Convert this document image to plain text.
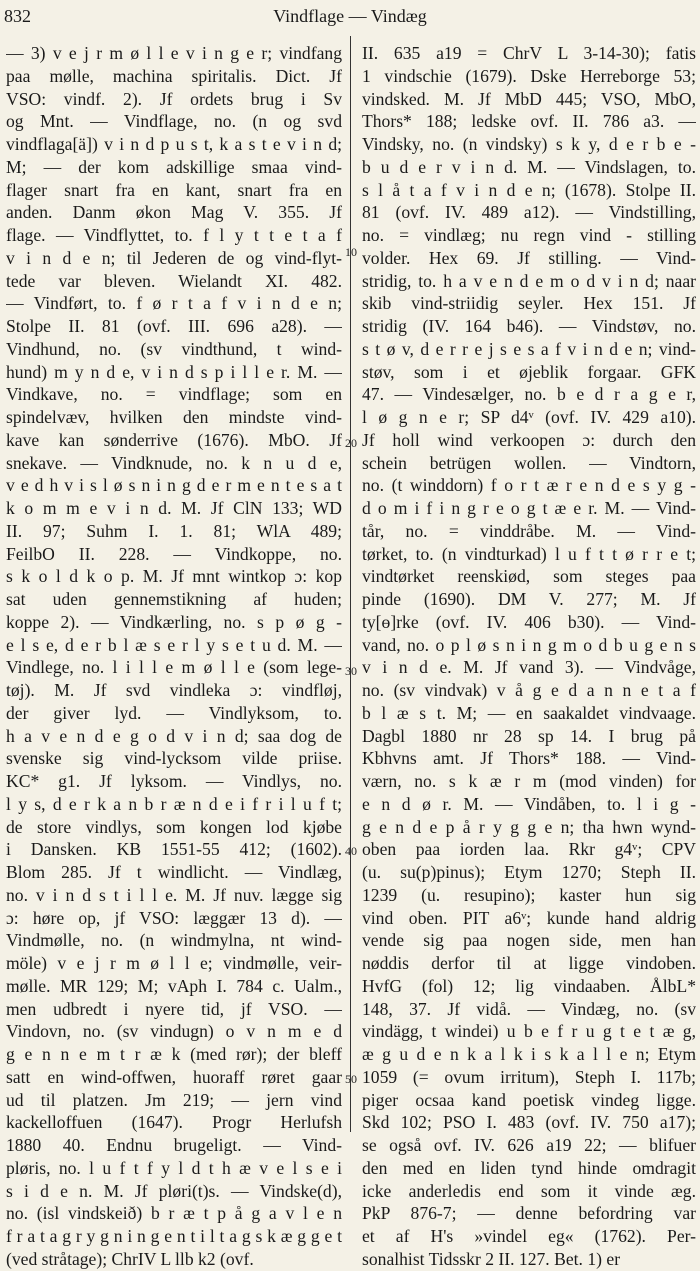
832	Vindflage — Vindæg
— 3) v e j r m ø l l e v i n g e r; vindfang
paa mølle, machina spiritalis. Dict. Jf
VSO: vindf. 2). Jf ordets brug i Sv
og Mnt. — Vindflage, no. (n og svd
vindflaga[ä]) v i n d p u s t, k a s t e v i n d;
M; — der kom adskillige smaa vind-
flager snart fra en kant, snart fra en
anden. Danm økon Mag V. 355. Jf
flage. — Vindflyttet, to. f l y t t e t a f
v i n d e n; til Jederen de og vind-flyt-
tede var bleven. Wielandt XI. 482.
— Vindført, to. f ø r t a f v i n d e n;
Stolpe II. 81 (ovf. III. 696 a28). —
Vindhund, no. (sv vindthund, t wind-
hund) m y n d e, v i n d s p i l l e r. M. —
Vindkave, no. = vindflage; som en
spindelvæv, hvilken den mindste vind-
kave kan sønderrive (1676). MbO. Jf
snekave. — Vindknude, no. k n u d e,
v e d h v i s l ø s n i n g d e r m e n t e s a t
k o m m e v i n d. M. Jf ClN 133; WD
II. 97; Suhm I. 1. 81; WlA 489;
FeilbO II. 228. — Vindkoppe, no.
s k o l d k o p. M. Jf mnt wintkop ɔ: kop
sat uden gennemstikning af huden;
koppe 2). — Vindkærling, no. s p ø g -
e l s e, d e r b l æ s e r l y s e t u d. M. —
Vindlege, no. l i l l e m ø l l e (som lege-
tøj). M. Jf svd vindleka ɔ: vindfløj,
der giver lyd. — Vindlyksom, to.
h a v e n d e g o d v i n d; saa dog de
svenske sig vind-lycksom vilde priise.
KC* g1. Jf lyksom. — Vindlys, no.
l y s, d e r k a n b r æ n d e i f r i l u f t;
de store vindlys, som kongen lod kjøbe
i Dansken. KB 1551-55 412; (1602).
Blom 285. Jf t windlicht. — Vindlæg,
no. v i n d s t i l l e. M. Jf nuv. lægge sig
ɔ: høre op, jf VSO: læggær 13 d). —
Vindmølle, no. (n windmylna, nt wind-
möle) v e j r m ø l l e; vindmølle, veir-
mølle. MR 129; M; vAph I. 784 c. Ualm.,
men udbredt i nyere tid, jf VSO. —
Vindovn, no. (sv vindugn) o v n m e d
g e n n e m t r æ k (med rør); der bleff
satt en wind-offwen, huoraff røret gaar
ud til platzen. Jm 219; — jern vind
kackelloffuen (1647). Progr Herlufsh
1880 40. Endnu brugeligt. — Vind-
pløris, no. l u f t f y l d t h æ v e l s e i
s i d e n. M. Jf pløri(t)s. — Vindske(d),
no. (isl vindskeið) b r æ t p å g a v l e n
f r a t a g r y g n i n g e n t i l t a g s k æ g g e t
(ved stråtage); ChrIV L llb k2 (ovf.
II. 635 a19 = ChrV L 3-14-30); fatis
1 vindschie (1679). Dske Herreborge 53;
vindsked. M. Jf MbD 445; VSO, MbO,
Thors* 188; ledske ovf. II. 786 a3. —
Vindsky, no. (n vindsky) s k y, d e r b e -
b u d e r v i n d. M. — Vindslagen, to.
s l å t a f v i n d e n; (1678). Stolpe II.
81 (ovf. IV. 489 a12). — Vindstilling,
no. = vindlæg; nu regn vind - stilling
volder. Hex 69. Jf stilling. — Vind-
stridig, to. h a v e n d e m o d v i n d; naar
skib vind-striidig seyler. Hex 151. Jf
stridig (IV. 164 b46). — Vindstøv, no.
s t ø v, d e r r e j s e s a f v i n d e n; vind-
støv, som i et øjeblik forgaar. GFK
47. — Vindesælger, no. b e d r a g e r,
l ø g n e r; SP d4ᵛ (ovf. IV. 429 a10).
Jf holl wind verkoopen ɔ: durch den
schein betrügen wollen. — Vindtorn,
no. (t winddorn) f o r t æ r e n d e s y g -
d o m i f i n g r e o g t æ e r. M. — Vind-
tår, no. = vinddråbe. M. — Vind-
tørket, to. (n vindturkad) l u f t t ø r r e t;
vindtørket reenskiød, som steges paa
pinde (1690). DM V. 277; M. Jf
ty[ɵ]rke (ovf. IV. 406 b30). — Vind-
vand, no. o p l ø s n i n g m o d b u g e n s
v i n d e. M. Jf vand 3). — Vindvåge,
no. (sv vindvak) v å g e d a n n e t a f
b l æ s t. M; — en saakaldet vindvaage.
Dagbl 1880 nr 28 sp 14. I brug på
Kbhvns amt. Jf Thors* 188. — Vind-
værn, no. s k æ r m (mod vinden) for
e n d ø r. M. — Vindåben, to. l i g -
g e n d e p å r y g g e n; tha hwn wynd-
oben paa iorden laa. Rkr g4ᵛ; CPV
(u. su(p)pinus); Etym 1270; Steph II.
1239 (u. resupino); kaster hun sig
vind oben. PIT a6ᵛ; kunde hand aldrig
vende sig paa nogen side, men han
nøddis derfor til at ligge vindoben.
HvfG (fol) 12; lig vindaaben. ÅlbL*
148, 37. Jf vidå. — Vindæg, no. (sv
vindägg, t windei) u b e f r u g t e t æ g,
æ g u d e n k a l k i s k a l l e n; Etym
1059 (= ovum irritum), Steph I. 117b;
piger ocsaa kand poetisk vindeg ligge.
Skd 102; PSO I. 483 (ovf. IV. 750 a17);
se også ovf. IV. 626 a19 22; — blifuer
den med en liden tynd hinde omdragit
icke anderledis end som it vinde æg.
PkP 876-7; — denne befordring var
et af H's »vindel eg« (1762). Per-
sonalhist Tidsskr 2 II. 127. Bet. 1) er
10
20
30
40
50
